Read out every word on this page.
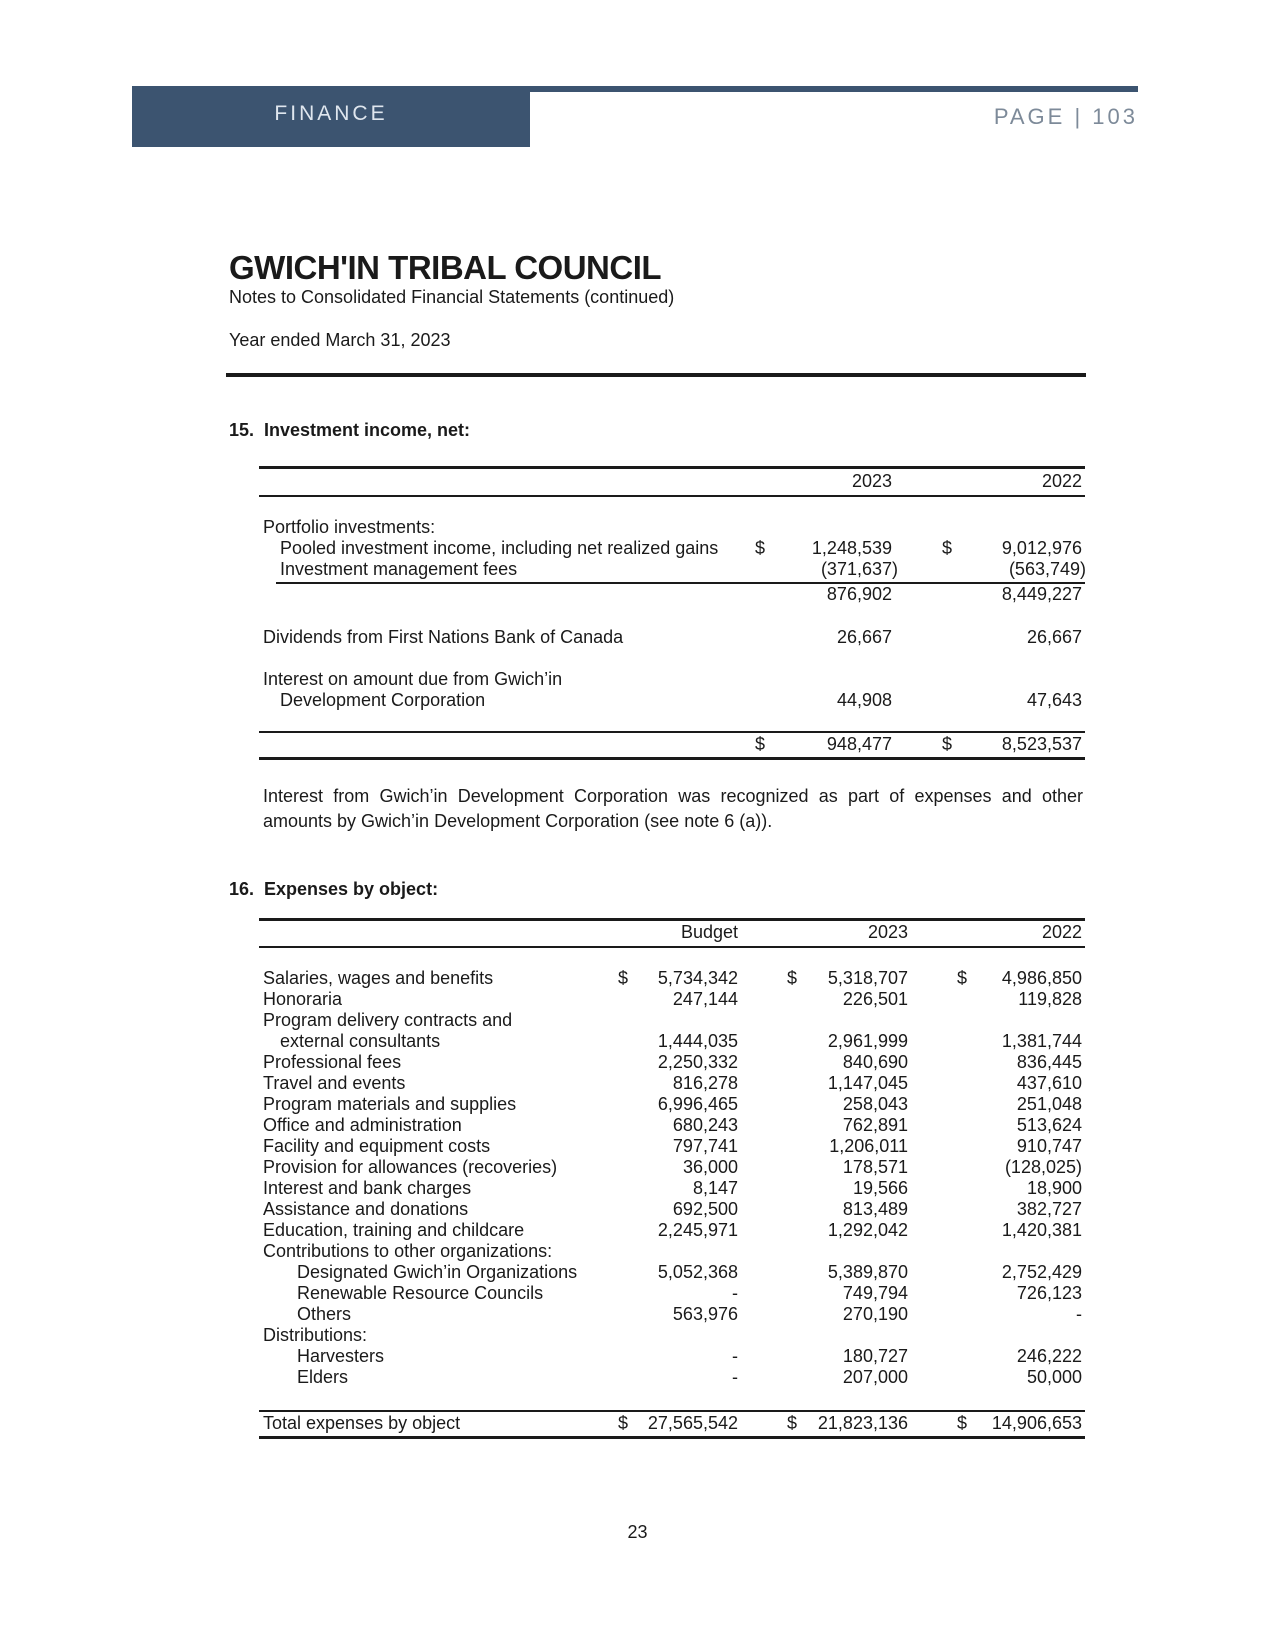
FINANCE	PAGE | 103
GWICH'IN TRIBAL COUNCIL
Notes to Consolidated Financial Statements (continued)
Year ended March 31, 2023
15. Investment income, net:
2023	2022
Portfolio investments:
Pooled investment income, including net realized gains $	1,248,539	$	9,012,976
Investment management fees	(371,637)	(563,749)
876,902	8,449,227
Dividends from First Nations Bank of Canada	26,667	26,667
Interest on amount due from Gwich’in
Development Corporation	44,908	47,643
$	948,477	$	8,523,537
Interest from Gwich’in Development Corporation was recognized as part of expenses and other amounts by Gwich’in Development Corporation (see note 6 (a)).
16. Expenses by object:
Budget	2023	2022
Salaries, wages and benefits	$	5,734,342	$	5,318,707	$	4,986,850
Honoraria	247,144	226,501	119,828
Program delivery contracts and
external consultants	1,444,035	2,961,999	1,381,744
Professional fees	2,250,332	840,690	836,445
Travel and events	816,278	1,147,045	437,610
Program materials and supplies	6,996,465	258,043	251,048
Office and administration	680,243	762,891	513,624
Facility and equipment costs	797,741	1,206,011	910,747
Provision for allowances (recoveries)	36,000	178,571	(128,025)
Interest and bank charges	8,147	19,566	18,900
Assistance and donations	692,500	813,489	382,727
Education, training and childcare	2,245,971	1,292,042	1,420,381
Contributions to other organizations:
Designated Gwich’in Organizations	5,052,368	5,389,870	2,752,429
Renewable Resource Councils	-	749,794	726,123
Others	563,976	270,190	-
Distributions:
Harvesters	-	180,727	246,222
Elders	-	207,000	50,000
Total expenses by object	$	27,565,542	$	21,823,136	$	14,906,653
23
